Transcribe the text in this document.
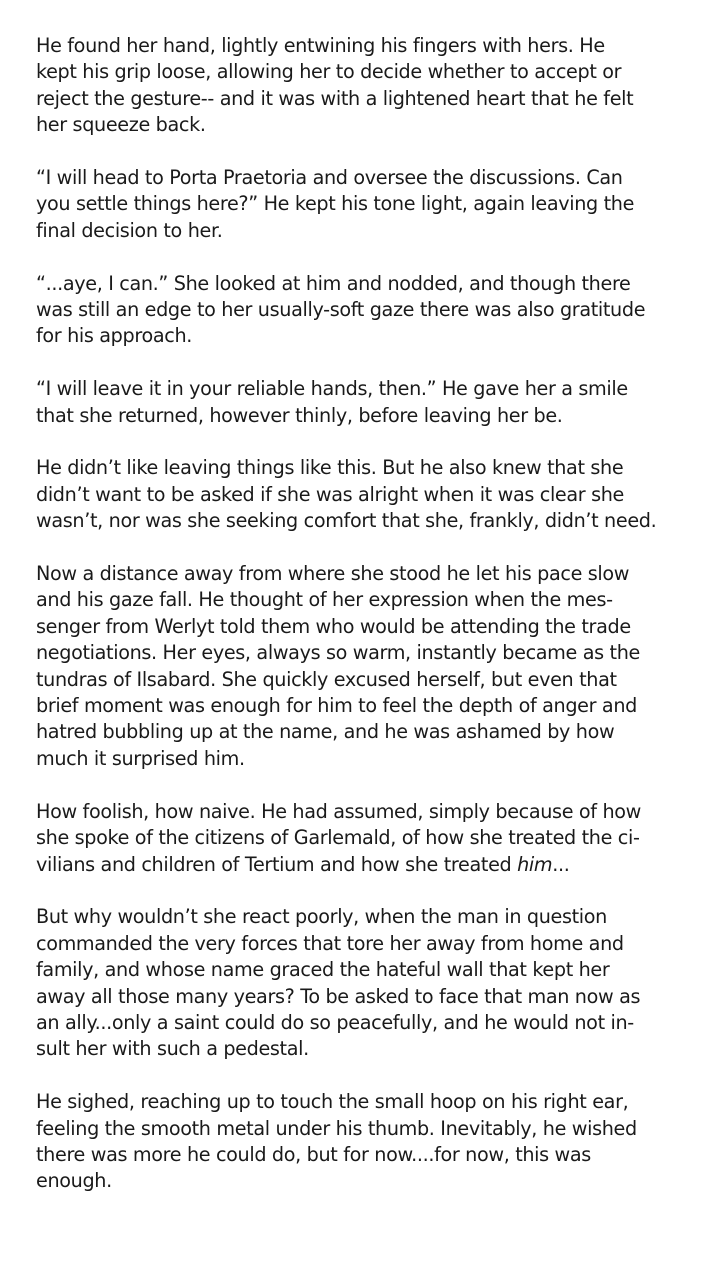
He found her hand, lightly entwining his fingers with hers. He
kept his grip loose, allowing her to decide whether to accept or
reject the gesture-- and it was with a lightened heart that he felt
her squeeze back.

“I will head to Porta Praetoria and oversee the discussions. Can
you settle things here?” He kept his tone light, again leaving the
final decision to her.

“...aye, I can.” She looked at him and nodded, and though there
was still an edge to her usually-soft gaze there was also gratitude
for his approach.

“I will leave it in your reliable hands, then.” He gave her a smile
that she returned, however thinly, before leaving her be.

He didn’t like leaving things like this. But he also knew that she
didn’t want to be asked if she was alright when it was clear she
wasn’t, nor was she seeking comfort that she, frankly, didn’t need.

Now a distance away from where she stood he let his pace slow
and his gaze fall. He thought of her expression when the mes-
senger from Werlyt told them who would be attending the trade
negotiations. Her eyes, always so warm, instantly became as the
tundras of Ilsabard. She quickly excused herself, but even that
brief moment was enough for him to feel the depth of anger and
hatred bubbling up at the name, and he was ashamed by how
much it surprised him.

How foolish, how naive. He had assumed, simply because of how
she spoke of the citizens of Garlemald, of how she treated the ci-
vilians and children of Tertium and how she treated him...

But why wouldn’t she react poorly, when the man in question
commanded the very forces that tore her away from home and
family, and whose name graced the hateful wall that kept her
away all those many years? To be asked to face that man now as
an ally...only a saint could do so peacefully, and he would not in-
sult her with such a pedestal.

He sighed, reaching up to touch the small hoop on his right ear,
feeling the smooth metal under his thumb. Inevitably, he wished
there was more he could do, but for now....for now, this was
enough.
